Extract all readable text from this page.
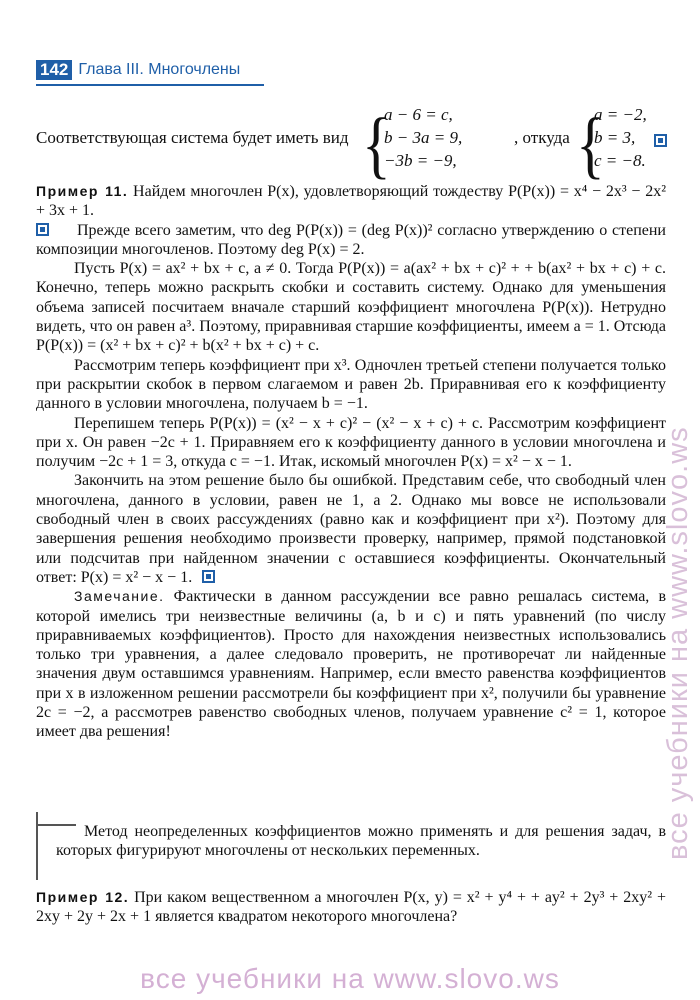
142 Глава III. Многочлены
Соответствующая система будет иметь вид {
a − 6 = c,
b − 3a = 9,
−3b = −9,
, откуда {
a = −2,
b = 3,
c = −8.

Пример 11. Найдем многочлен P(x), удовлетворяющий тождеству P(P(x)) = x⁴ − 2x³ − 2x² + 3x + 1.

Прежде всего заметим, что deg P(P(x)) = (deg P(x))² согласно утверждению о степени композиции многочленов. Поэтому deg P(x) = 2.

Пусть P(x) = ax² + bx + c, a ≠ 0. Тогда P(P(x)) = a(ax² + bx + c)² + + b(ax² + bx + c) + c. Конечно, теперь можно раскрыть скобки и составить систему. Однако для уменьшения объема записей посчитаем вначале старший коэффициент многочлена P(P(x)). Нетрудно видеть, что он равен a³. Поэтому, приравнивая старшие коэффициенты, имеем a = 1. Отсюда P(P(x)) = (x² + bx + c)² + b(x² + bx + c) + c.

Рассмотрим теперь коэффициент при x³. Одночлен третьей степени получается только при раскрытии скобок в первом слагаемом и равен 2b. Приравнивая его к коэффициенту данного в условии многочлена, получаем b = −1.

Перепишем теперь P(P(x)) = (x² − x + c)² − (x² − x + c) + c. Рассмотрим коэффициент при x. Он равен −2c + 1. Приравняем его к коэффициенту данного в условии многочлена и получим −2c + 1 = 3, откуда c = −1. Итак, искомый многочлен P(x) = x² − x − 1.

Закончить на этом решение было бы ошибкой. Представим себе, что свободный член многочлена, данного в условии, равен не 1, а 2. Однако мы вовсе не использовали свободный член в своих рассуждениях (равно как и коэффициент при x²). Поэтому для завершения решения необходимо произвести проверку, например, прямой подстановкой или подсчитав при найденном значении c оставшиеся коэффициенты. Окончательный ответ: P(x) = x² − x − 1.

Замечание. Фактически в данном рассуждении все равно решалась система, в которой имелись три неизвестные величины (a, b и c) и пять уравнений (по числу приравниваемых коэффициентов). Просто для нахождения неизвестных использовались только три уравнения, а далее следовало проверить, не противоречат ли найденные значения двум оставшимся уравнениям. Например, если вместо равенства коэффициентов при x в изложенном решении рассмотрели бы коэффициент при x², получили бы уравнение 2c = −2, а рассмотрев равенство свободных членов, получаем уравнение c² = 1, которое имеет два решения!

Метод неопределенных коэффициентов можно применять и для решения задач, в которых фигурируют многочлены от нескольких переменных.
Пример 12. При каком вещественном a многочлен P(x, y) = x² + y⁴ + + ay² + 2y³ + 2xy² + 2xy + 2y + 2x + 1 является квадратом некоторого многочлена?
все учебники на www.slovo.ws
все учебники на www.slovo.ws
